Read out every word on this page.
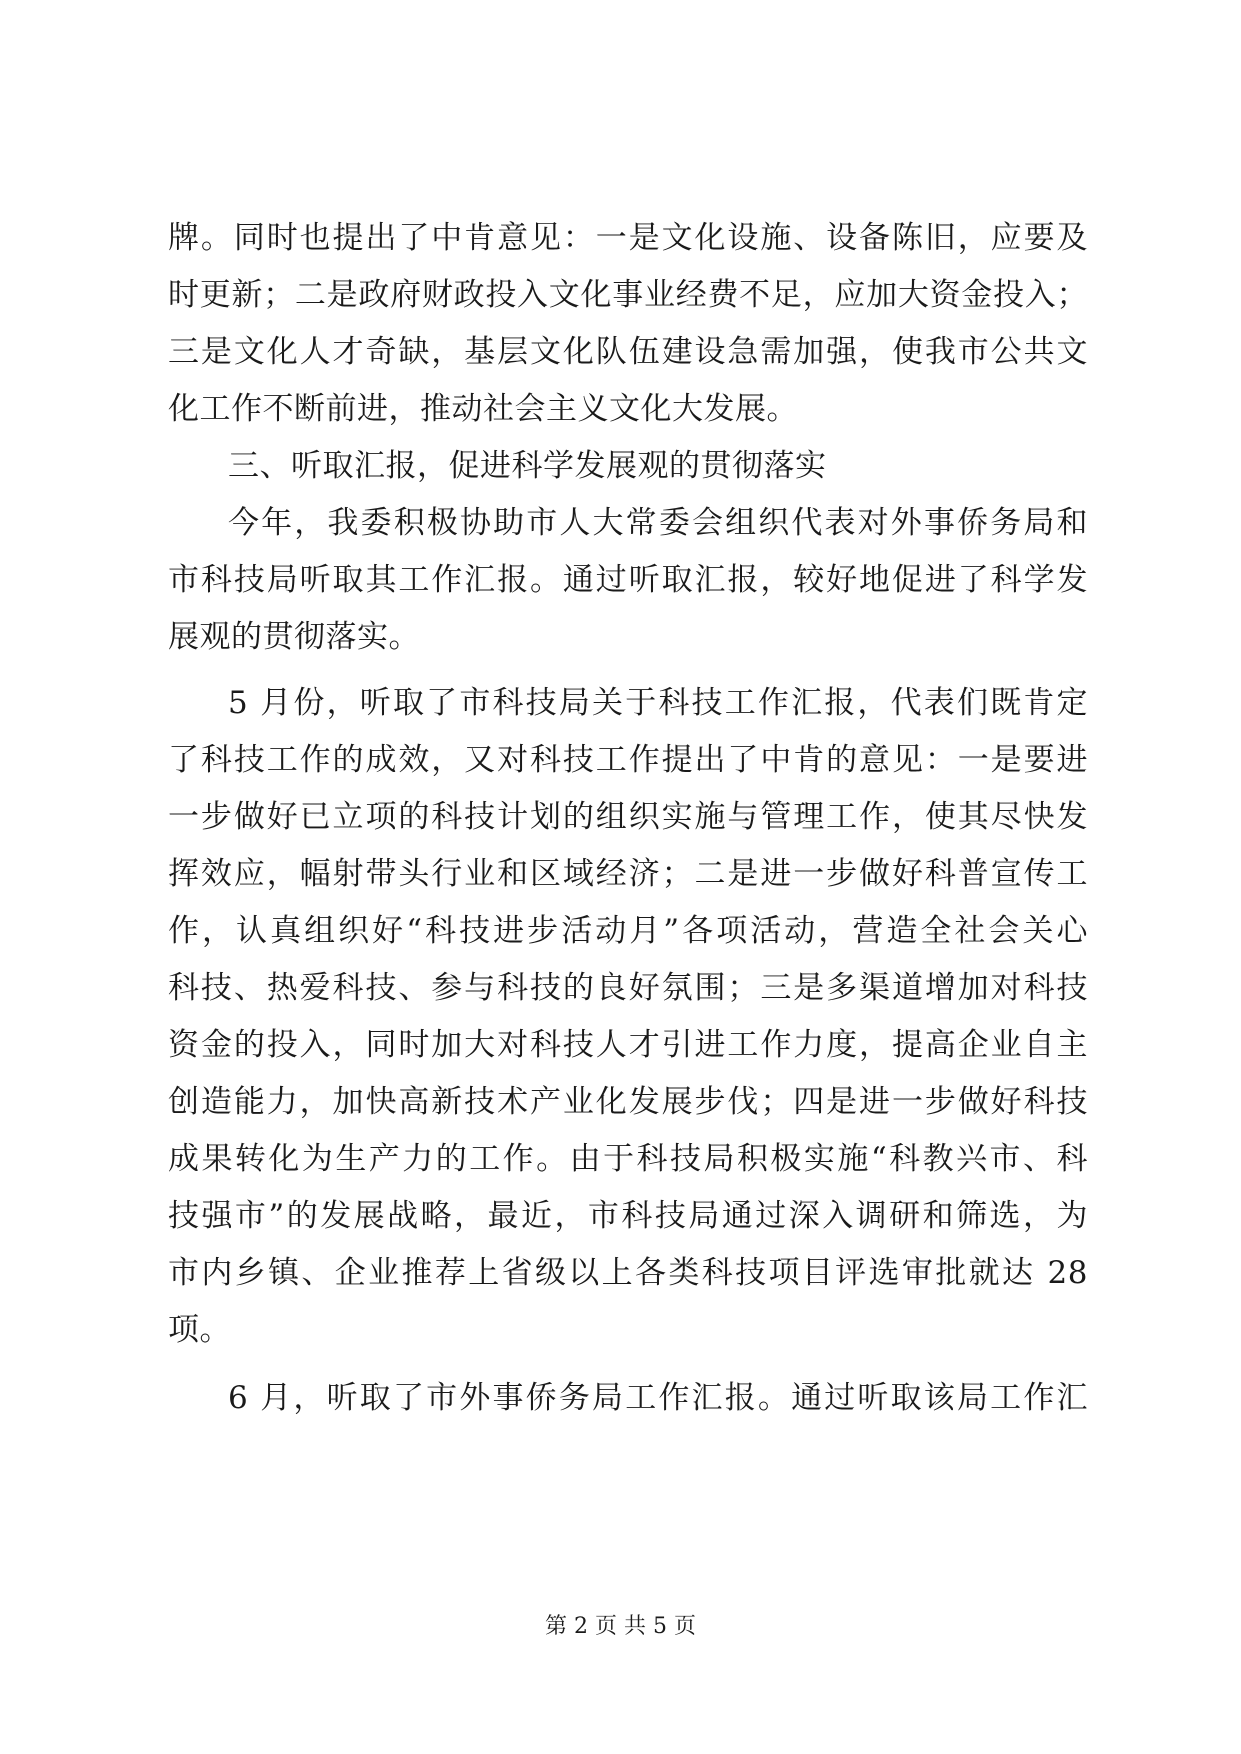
牌。同时也提出了中肯意见：一是文化设施、设备陈旧，应要及
时更新；二是政府财政投入文化事业经费不足，应加大资金投入；
三是文化人才奇缺，基层文化队伍建设急需加强，使我市公共文
化工作不断前进，推动社会主义文化大发展。
三、听取汇报，促进科学发展观的贯彻落实
今年，我委积极协助市人大常委会组织代表对外事侨务局和
市科技局听取其工作汇报。通过听取汇报，较好地促进了科学发
展观的贯彻落实。
5 月份，听取了市科技局关于科技工作汇报，代表们既肯定
了科技工作的成效，又对科技工作提出了中肯的意见：一是要进
一步做好已立项的科技计划的组织实施与管理工作，使其尽快发
挥效应，幅射带头行业和区域经济；二是进一步做好科普宣传工
作，认真组织好“科技进步活动月”各项活动，营造全社会关心
科技、热爱科技、参与科技的良好氛围；三是多渠道增加对科技
资金的投入，同时加大对科技人才引进工作力度，提高企业自主
创造能力，加快高新技术产业化发展步伐；四是进一步做好科技
成果转化为生产力的工作。由于科技局积极实施“科教兴市、科
技强市”的发展战略，最近，市科技局通过深入调研和筛选，为
市内乡镇、企业推荐上省级以上各类科技项目评选审批就达 28
项。
6 月，听取了市外事侨务局工作汇报。通过听取该局工作汇
第 2 页 共 5 页
